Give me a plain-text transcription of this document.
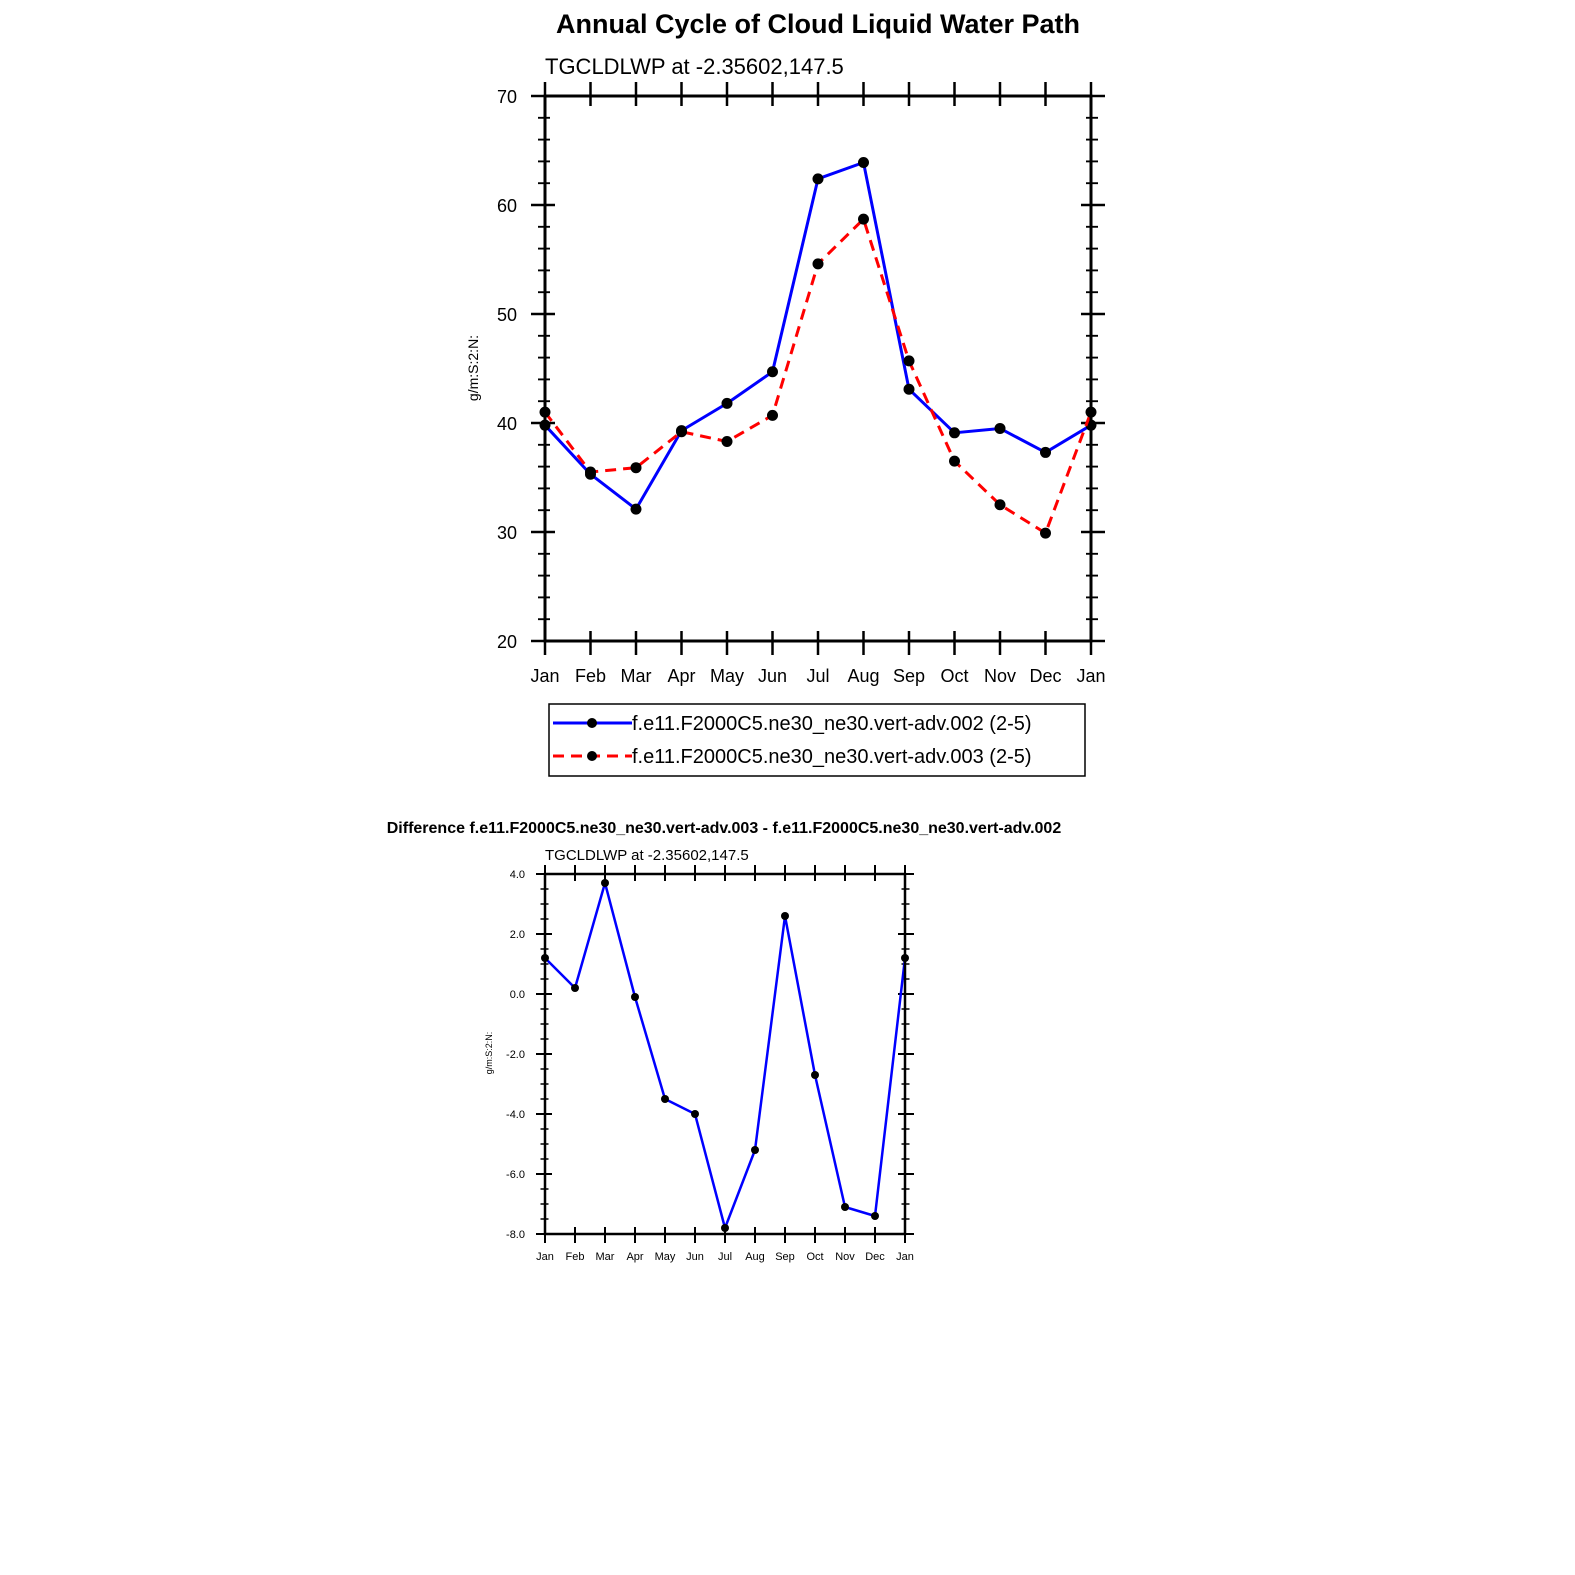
Annual Cycle of Cloud Liquid Water Path
TGCLDLWP at -2.35602,147.5
g/m:S:2:N:
Jan Feb Mar Apr May Jun Jul Aug Sep Oct Nov Dec Jan
20
30
40
50
60
70
f.e11.F2000C5.ne30_ne30.vert-adv.002 (2-5)
f.e11.F2000C5.ne30_ne30.vert-adv.003 (2-5)
Difference f.e11.F2000C5.ne30_ne30.vert-adv.003 - f.e11.F2000C5.ne30_ne30.vert-adv.002
TGCLDLWP at -2.35602,147.5
g/m:S:2:N:
Jan Feb Mar Apr May Jun Jul Aug Sep Oct Nov Dec Jan
-8.0
-6.0
-4.0
-2.0
0.0
2.0
4.0
